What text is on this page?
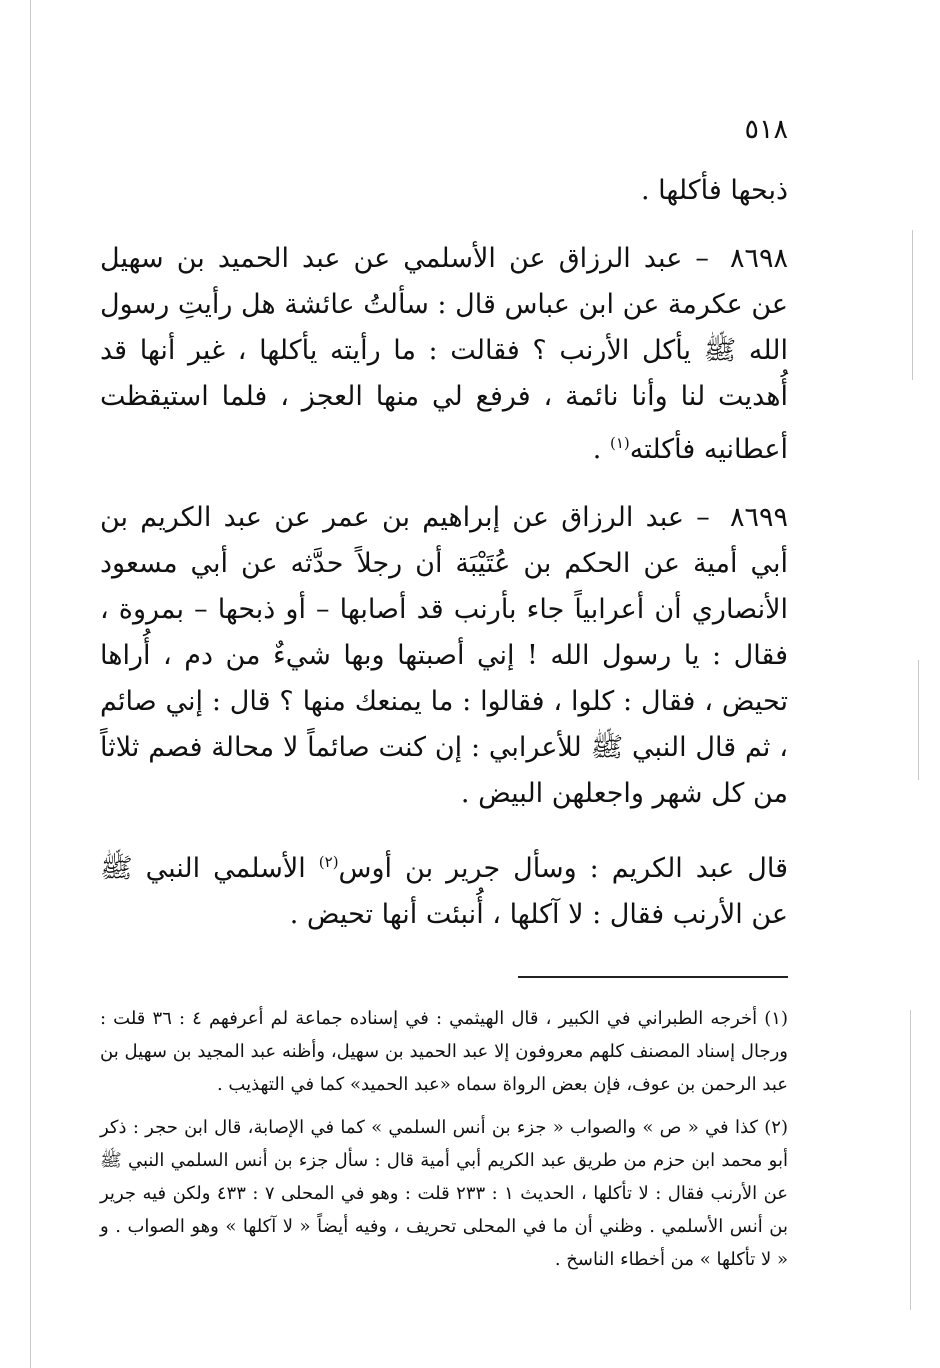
٥١٨

ذبحها فأكلها .

٨٦٩٨ – عبد الرزاق عن الأسلمي عن عبد الحميد بن سهيل عن عكرمة عن ابن عباس قال : سألتُ عائشة هل رأيتِ رسول الله ﷺ يأكل الأرنب ؟ فقالت : ما رأيته يأكلها ، غير أنها قد أُهديت لنا وأنا نائمة ، فرفع لي منها العجز ، فلما استيقظت أعطانيه فأكلته$^{(١)}$ .

٨٦٩٩ – عبد الرزاق عن إبراهيم بن عمر عن عبد الكريم بن أبي أمية عن الحكم بن عُتَيْبَة أن رجلاً حدَّثه عن أبي مسعود الأنصاري أن أعرابياً جاء بأرنب قد أصابها – أو ذبحها – بمروة ، فقال : يا رسول الله ! إني أصبتها وبها شيءٌ من دم ، أُراها تحيض ، فقال : كلوا ، فقالوا : ما يمنعك منها ؟ قال : إني صائم ، ثم قال النبي ﷺ للأعرابي : إن كنت صائماً لا محالة فصم ثلاثاً من كل شهر واجعلهن البيض .

قال عبد الكريم : وسأل جرير بن أوس$^{(٢)}$ الأسلمي النبي ﷺ عن الأرنب فقال : لا آكلها ، أُنبئت أنها تحيض .

(١) أخرجه الطبراني في الكبير ، قال الهيثمي : في إسناده جماعة لم أعرفهم ٤ : ٣٦ قلت : ورجال إسناد المصنف كلهم معروفون إلا عبد الحميد بن سهيل، وأظنه عبد المجيد بن سهيل بن عبد الرحمن بن عوف، فإن بعض الرواة سماه «عبد الحميد» كما في التهذيب .

(٢) كذا في « ص » والصواب « جزء بن أنس السلمي » كما في الإصابة، قال ابن حجر : ذكر أبو محمد ابن حزم من طريق عبد الكريم أبي أمية قال : سأل جزء بن أنس السلمي النبي ﷺ عن الأرنب فقال : لا تأكلها ، الحديث ١ : ٢٣٣ قلت : وهو في المحلى ٧ : ٤٣٣ ولكن فيه جرير بن أنس الأسلمي . وظني أن ما في المحلى تحريف ، وفيه أيضاً « لا آكلها » وهو الصواب . و « لا تأكلها » من أخطاء الناسخ .
